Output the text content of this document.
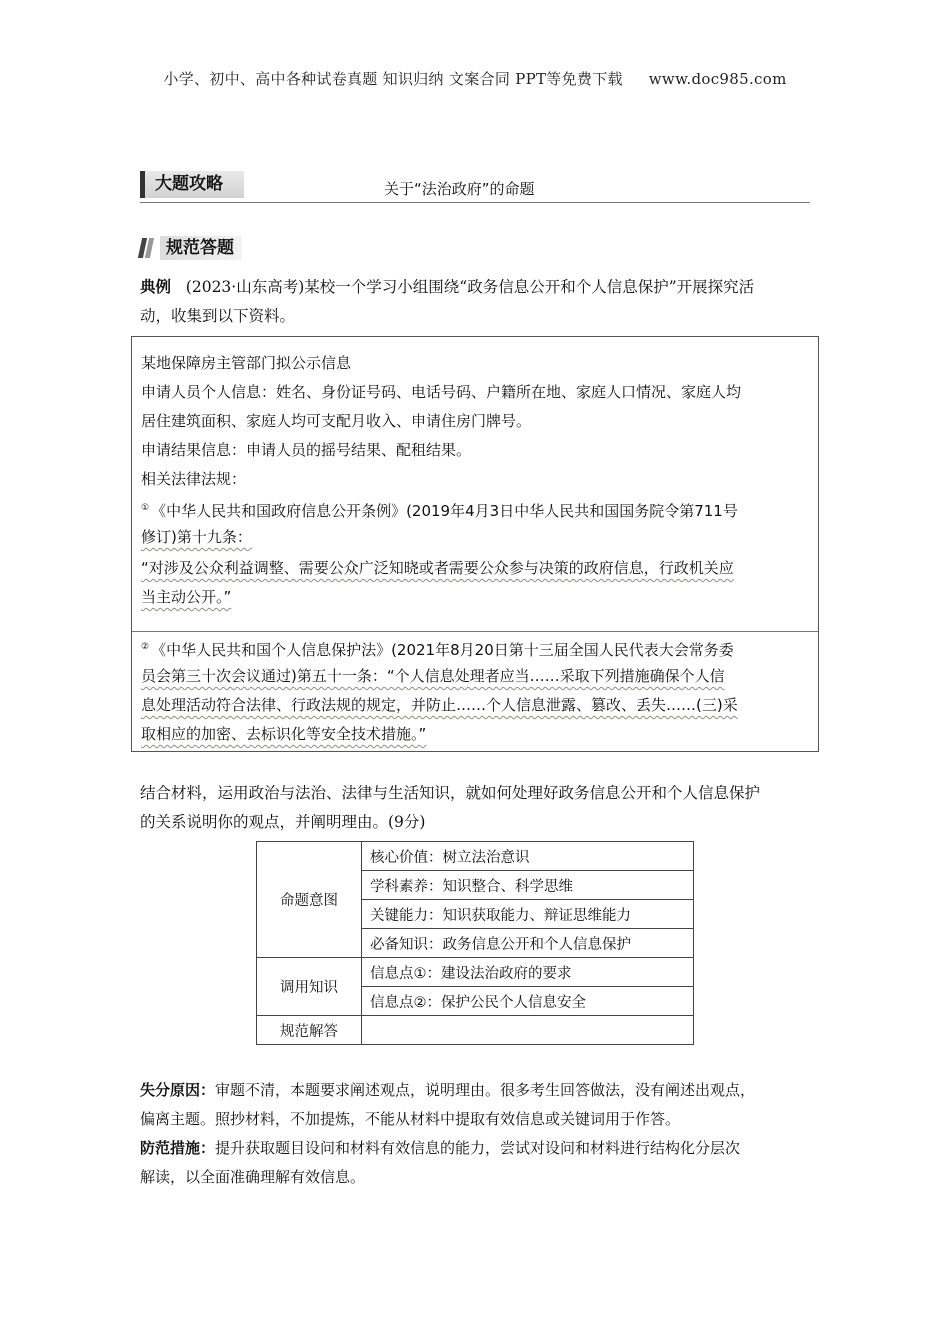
小学、初中、高中各种试卷真题 知识归纳 文案合同 PPT等免费下载 www.doc985.com
大题攻略	关于“法治政府”的命题
规范答题
典例 (2023·山东高考)某校一个学习小组围绕“政务信息公开和个人信息保护”开展探究活
动，收集到以下资料。
某地保障房主管部门拟公示信息
申请人员个人信息：姓名、身份证号码、电话号码、户籍所在地、家庭人口情况、家庭人均
居住建筑面积、家庭人均可支配月收入、申请住房门牌号。
申请结果信息：申请人员的摇号结果、配租结果。
相关法律法规：
① 《中华人民共和国政府信息公开条例》(2019年4月3日中华人民共和国国务院令第711号
修订)第十九条：
“对涉及公众利益调整、需要公众广泛知晓或者需要公众参与决策的政府信息，行政机关应
当主动公开。”
② 《中华人民共和国个人信息保护法》(2021年8月20日第十三届全国人民代表大会常务委
员会第三十次会议通过)第五十一条：“个人信息处理者应当……采取下列措施确保个人信
息处理活动符合法律、行政法规的规定，并防止……个人信息泄露、篡改、丢失……(三)采
取相应的加密、去标识化等安全技术措施。”
结合材料，运用政治与法治、法律与生活知识，就如何处理好政务信息公开和个人信息保护
的关系说明你的观点，并阐明理由。(9分)
命题意图	核心价值：树立法治意识
	学科素养：知识整合、科学思维
	关键能力：知识获取能力、辩证思维能力
	必备知识：政务信息公开和个人信息保护
调用知识	信息点①：建设法治政府的要求
	信息点②：保护公民个人信息安全
规范解答	
失分原因：审题不清，本题要求阐述观点，说明理由。很多考生回答做法，没有阐述出观点，
偏离主题。照抄材料，不加提炼，不能从材料中提取有效信息或关键词用于作答。
防范措施：提升获取题目设问和材料有效信息的能力，尝试对设问和材料进行结构化分层次
解读，以全面准确理解有效信息。
